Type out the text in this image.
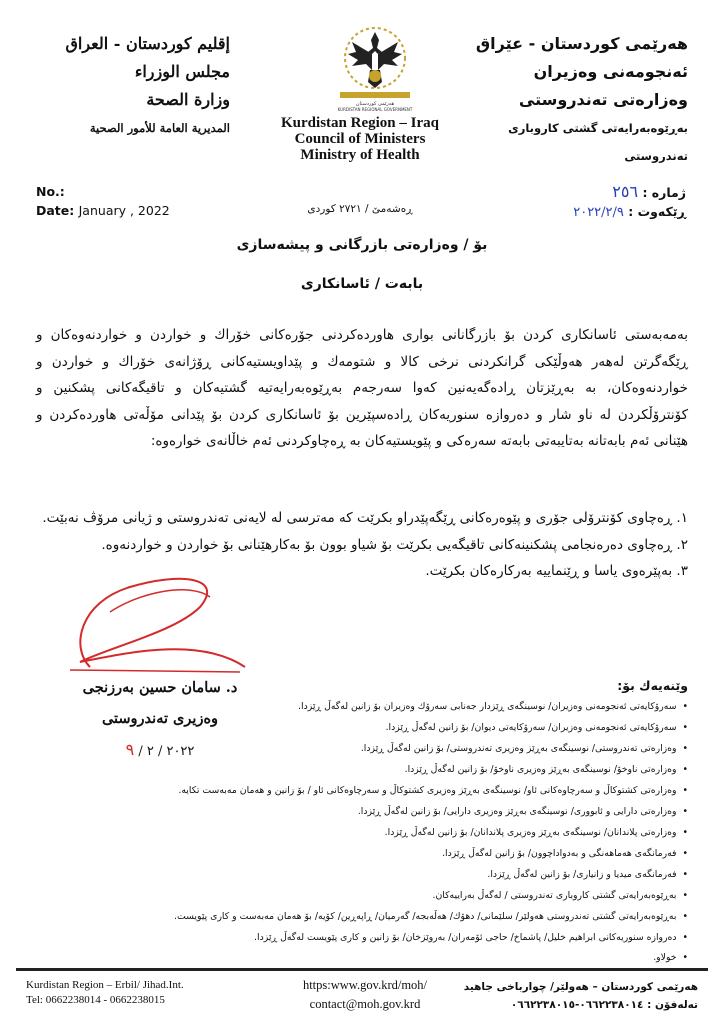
هەرێمی کوردستان - عێراق
ئەنجومەنی وەزیران
وەزارەتی تەندروستی
بەڕێوەبەرایەتی گشتی کاروباری تەندروستی
إقليم كوردستان - العراق
مجلس الوزراء
وزارة الصحة
المديرية العامة للأمور الصحية
هەرێمی کوردستان
KURDISTAN REGIONAL GOVERNMENT
Kurdistan Region – Iraq
Council of Ministers
Ministry of Health
No.:
Date: January , 2022
ژمارە : ٢٥٦
ڕێکەوت : ٢٠٢٢/٢/٩
ڕەشەمێ / ٢٧٢١ کوردی
بۆ / وەزارەتی بازرگانی و پیشەسازی
بابەت / ئاسانکاری
بەمەبەستی ئاسانکاری کردن بۆ بازرگانانی بواری هاوردەکردنی جۆرەکانی خۆراك و خواردن و خواردنەوەکان و ڕێگەگرتن لەهەر هەوڵێکی گرانکردنی نرخی کالا و شتومەك و پێداویستیەکانی ڕۆژانەی خۆراك و خواردن و خواردنەوەکان، بە بەڕێزتان ڕادەگەیەنین کەوا سەرجەم بەڕێوەبەرایەتیە گشتیەکان و تاقیگەکانی پشکنین و کۆنترۆڵکردن لە ناو شار و دەروازە سنوریەکان ڕادەسپێرین بۆ ئاسانکاری کردن بۆ پێدانی مۆڵەتی هاوردەکردن و هێنانی ئەم بابەتانە بەتایبەتی بابەتە سەرەکی و پێویستیەکان بە ڕەچاوکردنی ئەم خاڵانەی خوارەوە:
١. ڕەچاوی کۆنترۆلی جۆری و پێوەرەکانی ڕێگەپێدراو بکرێت کە مەترسی لە لایەنی تەندروستی و ژیانی مرۆڤ نەبێت.
٢. ڕەچاوی دەرەنجامی پشکنینەکانی تاقیگەیی بکرێت بۆ شیاو بوون بۆ بەکارهێنانی بۆ خواردن و خواردنەوە.
٣. بەپێرەوی یاسا و ڕێنماییە بەرکارەکان بکرێت.
د. سامان حسین بەرزنجی
وەزیری تەندروستی
٢٠٢٢ / ٢ / ٩
وێنەیەك بۆ:
• سەرۆکایەتی ئەنجومەنی وەزیران/ نوسینگەی ڕێزدار جەنابی سەرۆك وەزیران بۆ زانین لەگەڵ ڕێزدا.
• سەرۆکایەتی ئەنجومەنی وەزیران/ سەرۆکایەتی دیوان/ بۆ زانین لەگەڵ ڕێزدا.
• وەزارەتی تەندروستی/ نوسینگەی بەڕێز وەزیری تەندروستی/ بۆ زانین لەگەڵ ڕێزدا.
• وەزارەتی ناوخۆ/ نوسینگەی بەڕێز وەزیری ناوخۆ/ بۆ زانین لەگەڵ ڕێزدا.
• وەزارەتی کشتوکاڵ و سەرچاوەکانی ئاو/ نوسینگەی بەڕێز وەزیری کشتوکاڵ و سەرچاوەکانی ئاو / بۆ زانین و هەمان مەبەست تکایە.
• وەزارەتی دارایی و ئابووری/ نوسینگەی بەڕێز وەزیری دارایی/ بۆ زانین لەگەڵ ڕێزدا.
• وەزارەتی پلاندانان/ نوسینگەی بەڕێز وەزیری پلاندانان/ بۆ زانین لەگەڵ ڕێزدا.
• فەرمانگەی هەماهەنگی و بەدواداچوون/ بۆ زانین لەگەڵ ڕێزدا.
• فەرمانگەی میدیا و زانیاری/ بۆ زانین لەگەڵ ڕێزدا.
• بەڕێوەبەرایەتی گشتی کاروباری تەندروستی / لەگەڵ بەراییەکان.
• بەڕێوەبەرایەتی گشتی تەندروستی هەولێر/ سلێمانی/ دهۆك/ هەڵەبجە/ گەرمیان/ ڕاپەڕین/ کۆیە/ بۆ هەمان مەبەست و کاری پێویست.
• دەروازە سنوریەکانی ابراهیم خلیل/ پاشماخ/ حاجی ئۆمەران/ بەروێزخان/ بۆ زانین و کاری پێویست لەگەڵ ڕێزدا.
• خولاو.
Kurdistan Region – Erbil/ Jihad.Int.
Tel: 0662238014 - 0662238015
https:www.gov.krd/moh/
contact@moh.gov.krd
هەرێمی کوردستان – هەولێر/ چوارباخی جاهید
تەلەفۆن : ٠٦٦٢٢٣٨٠١٤-٠٦٦٢٢٣٨٠١٥
